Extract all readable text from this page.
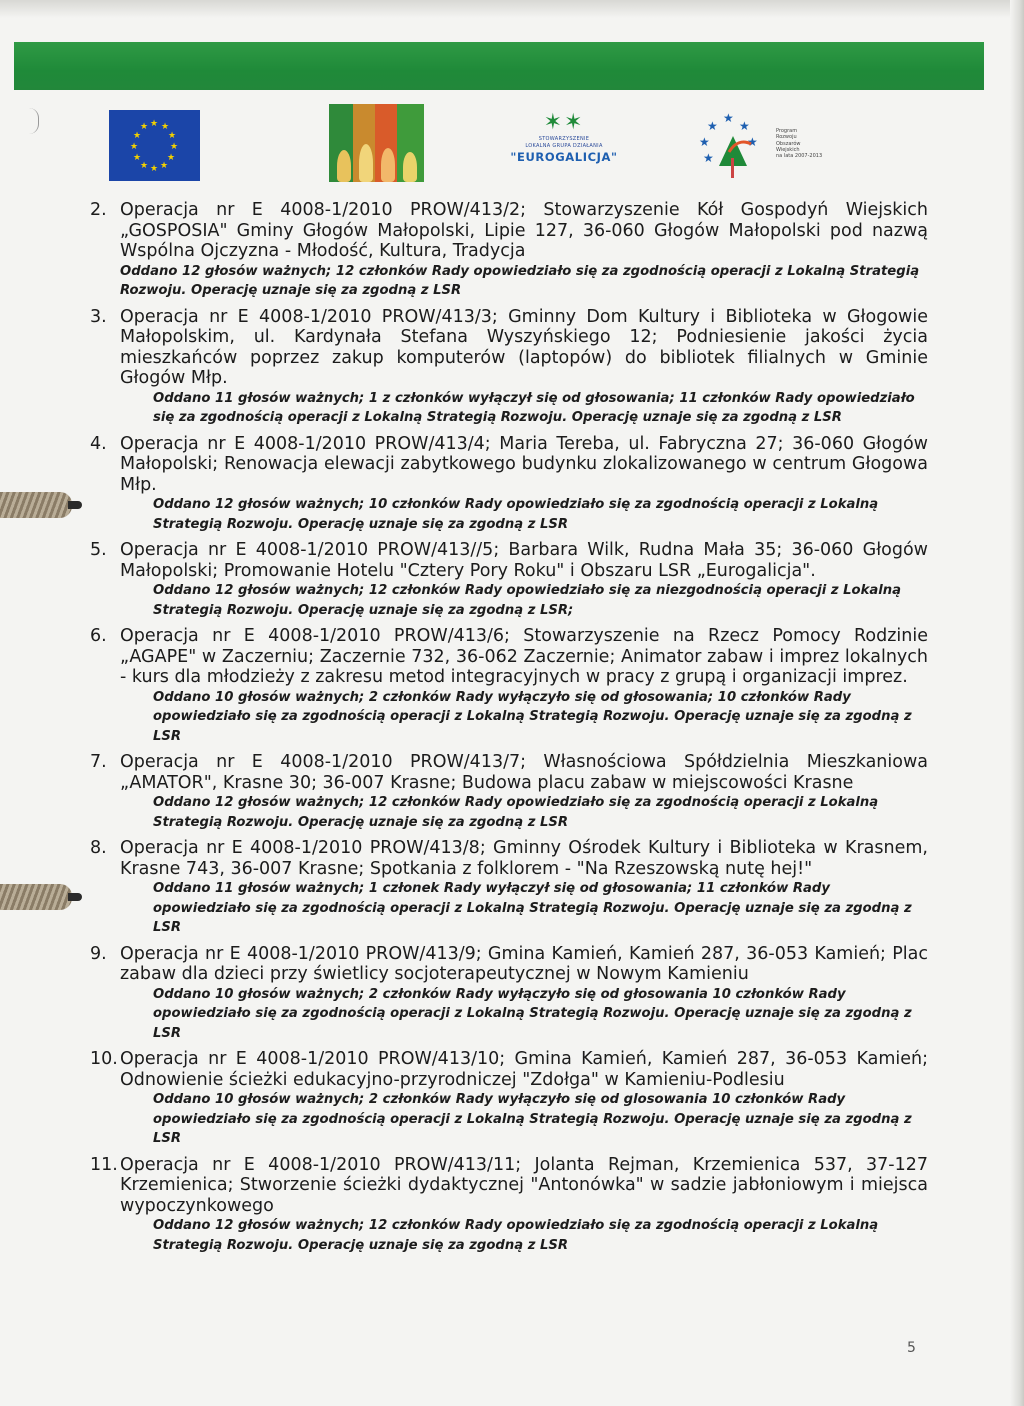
★ ★
★
★
★
★
★
★
★
★
★
★	✶✶
STOWARZYSZENIE
LOKALNA GRUPA DZIAŁANIA
"EUROGALICJA"
★
★ ★
★	★
★
Program
Rozwoju
Obszarów
Wiejskich
na lata 2007-2013
2. Operacja nr E 4008-1/2010 PROW/413/2; Stowarzyszenie Kół Gospodyń Wiejskich „GOSPOSIA" Gminy Głogów Małopolski, Lipie 127, 36-060 Głogów Małopolski pod nazwą Wspólna Ojczyzna - Młodość, Kultura, Tradycja
Oddano 12 głosów ważnych; 12 członków Rady opowiedziało się za zgodnością operacji z Lokalną Strategią Rozwoju. Operację uznaje się za zgodną z LSR
3. Operacja nr E 4008-1/2010 PROW/413/3; Gminny Dom Kultury i Biblioteka w Głogowie Małopolskim, ul. Kardynała Stefana Wyszyńskiego 12; Podniesienie jakości życia mieszkańców poprzez zakup komputerów (laptopów) do bibliotek filialnych w Gminie Głogów Młp.
Oddano 11 głosów ważnych; 1 z członków wyłączył się od głosowania; 11 członków Rady opowiedziało się za zgodnością operacji z Lokalną Strategią Rozwoju. Operację uznaje się za zgodną z LSR
4. Operacja nr E 4008-1/2010 PROW/413/4; Maria Tereba, ul. Fabryczna 27; 36-060 Głogów Małopolski; Renowacja elewacji zabytkowego budynku zlokalizowanego w centrum Głogowa Młp.
Oddano 12 głosów ważnych; 10 członków Rady opowiedziało się za zgodnością operacji z Lokalną Strategią Rozwoju. Operację uznaje się za zgodną z LSR
5. Operacja nr E 4008-1/2010 PROW/413//5; Barbara Wilk, Rudna Mała 35; 36-060 Głogów Małopolski; Promowanie Hotelu "Cztery Pory Roku" i Obszaru LSR „Eurogalicja".
Oddano 12 głosów ważnych; 12 członków Rady opowiedziało się za niezgodnością operacji z Lokalną Strategią Rozwoju. Operację uznaje się za zgodną z LSR;
6. Operacja nr E 4008-1/2010 PROW/413/6; Stowarzyszenie na Rzecz Pomocy Rodzinie „AGAPE" w Zaczerniu; Zaczernie 732, 36-062 Zaczernie; Animator zabaw i imprez lokalnych - kurs dla młodzieży z zakresu metod integracyjnych w pracy z grupą i organizacji imprez.
Oddano 10 głosów ważnych; 2 członków Rady wyłączyło się od głosowania; 10 członków Rady opowiedziało się za zgodnością operacji z Lokalną Strategią Rozwoju. Operację uznaje się za zgodną z LSR
7. Operacja nr E 4008-1/2010 PROW/413/7; Własnościowa Spółdzielnia Mieszkaniowa „AMATOR", Krasne 30; 36-007 Krasne; Budowa placu zabaw w miejscowości Krasne
Oddano 12 głosów ważnych; 12 członków Rady opowiedziało się za zgodnością operacji z Lokalną Strategią Rozwoju. Operację uznaje się za zgodną z LSR
8. Operacja nr E 4008-1/2010 PROW/413/8; Gminny Ośrodek Kultury i Biblioteka w Krasnem, Krasne 743, 36-007 Krasne; Spotkania z folklorem - "Na Rzeszowską nutę hej!"
Oddano 11 głosów ważnych; 1 członek Rady wyłączył się od głosowania; 11 członków Rady opowiedziało się za zgodnością operacji z Lokalną Strategią Rozwoju. Operację uznaje się za zgodną z LSR
9. Operacja nr E 4008-1/2010 PROW/413/9; Gmina Kamień, Kamień 287, 36-053 Kamień; Plac zabaw dla dzieci przy świetlicy socjoterapeutycznej w Nowym Kamieniu
Oddano 10 głosów ważnych; 2 członków Rady wyłączyło się od głosowania 10 członków Rady opowiedziało się za zgodnością operacji z Lokalną Strategią Rozwoju. Operację uznaje się za zgodną z LSR
10. Operacja nr E 4008-1/2010 PROW/413/10; Gmina Kamień, Kamień 287, 36-053 Kamień; Odnowienie ścieżki edukacyjno-przyrodniczej "Zdołga" w Kamieniu-Podlesiu
Oddano 10 głosów ważnych; 2 członków Rady wyłączyło się od glosowania 10 członków Rady opowiedziało się za zgodnością operacji z Lokalną Strategią Rozwoju. Operację uznaje się za zgodną z LSR
11. Operacja nr E 4008-1/2010 PROW/413/11; Jolanta Rejman, Krzemienica 537, 37-127 Krzemienica; Stworzenie ścieżki dydaktycznej "Antonówka" w sadzie jabłoniowym i miejsca wypoczynkowego
Oddano 12 głosów ważnych; 12 członków Rady opowiedziało się za zgodnością operacji z Lokalną Strategią Rozwoju. Operację uznaje się za zgodną z LSR
5
